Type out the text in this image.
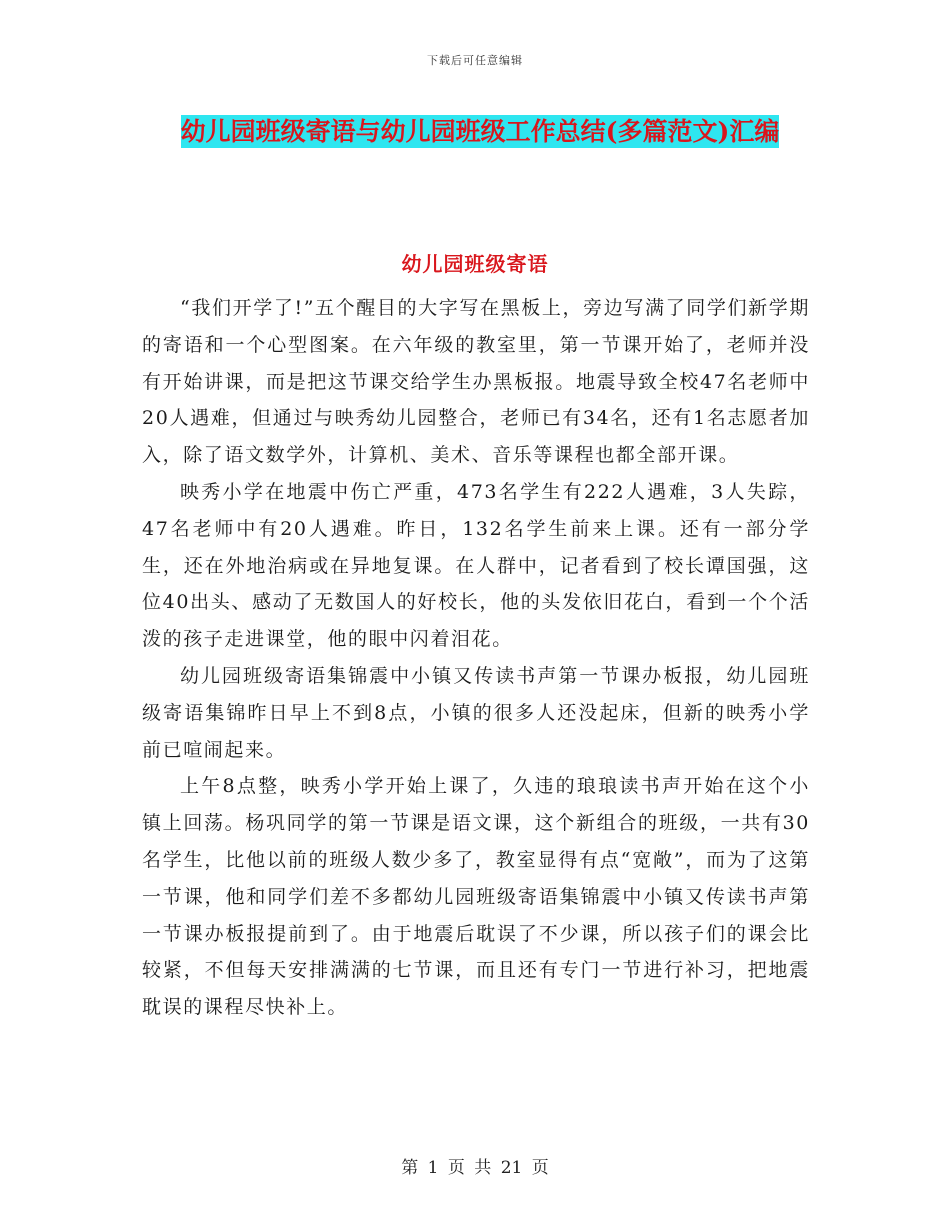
下载后可任意编辑
幼儿园班级寄语与幼儿园班级工作总结(多篇范文)汇编
幼儿园班级寄语

“我们开学了!”五个醒目的大字写在黑板上，旁边写满了同学们新学期的寄语和一个心型图案。在六年级的教室里，第一节课开始了，老师并没有开始讲课，而是把这节课交给学生办黑板报。地震导致全校47名老师中20人遇难，但通过与映秀幼儿园整合，老师已有34名，还有1名志愿者加入，除了语文数学外，计算机、美术、音乐等课程也都全部开课。

映秀小学在地震中伤亡严重，473名学生有222人遇难，3人失踪，47名老师中有20人遇难。昨日，132名学生前来上课。还有一部分学生，还在外地治病或在异地复课。在人群中，记者看到了校长谭国强，这位40出头、感动了无数国人的好校长，他的头发依旧花白，看到一个个活泼的孩子走进课堂，他的眼中闪着泪花。

幼儿园班级寄语集锦震中小镇又传读书声第一节课办板报，幼儿园班级寄语集锦昨日早上不到8点，小镇的很多人还没起床，但新的映秀小学前已喧闹起来。

上午8点整，映秀小学开始上课了，久违的琅琅读书声开始在这个小镇上回荡。杨巩同学的第一节课是语文课，这个新组合的班级，一共有30名学生，比他以前的班级人数少多了，教室显得有点“宽敞”，而为了这第一节课，他和同学们差不多都幼儿园班级寄语集锦震中小镇又传读书声第一节课办板报提前到了。由于地震后耽误了不少课，所以孩子们的课会比较紧，不但每天安排满满的七节课，而且还有专门一节进行补习，把地震耽误的课程尽快补上。

第 1 页 共 21 页
